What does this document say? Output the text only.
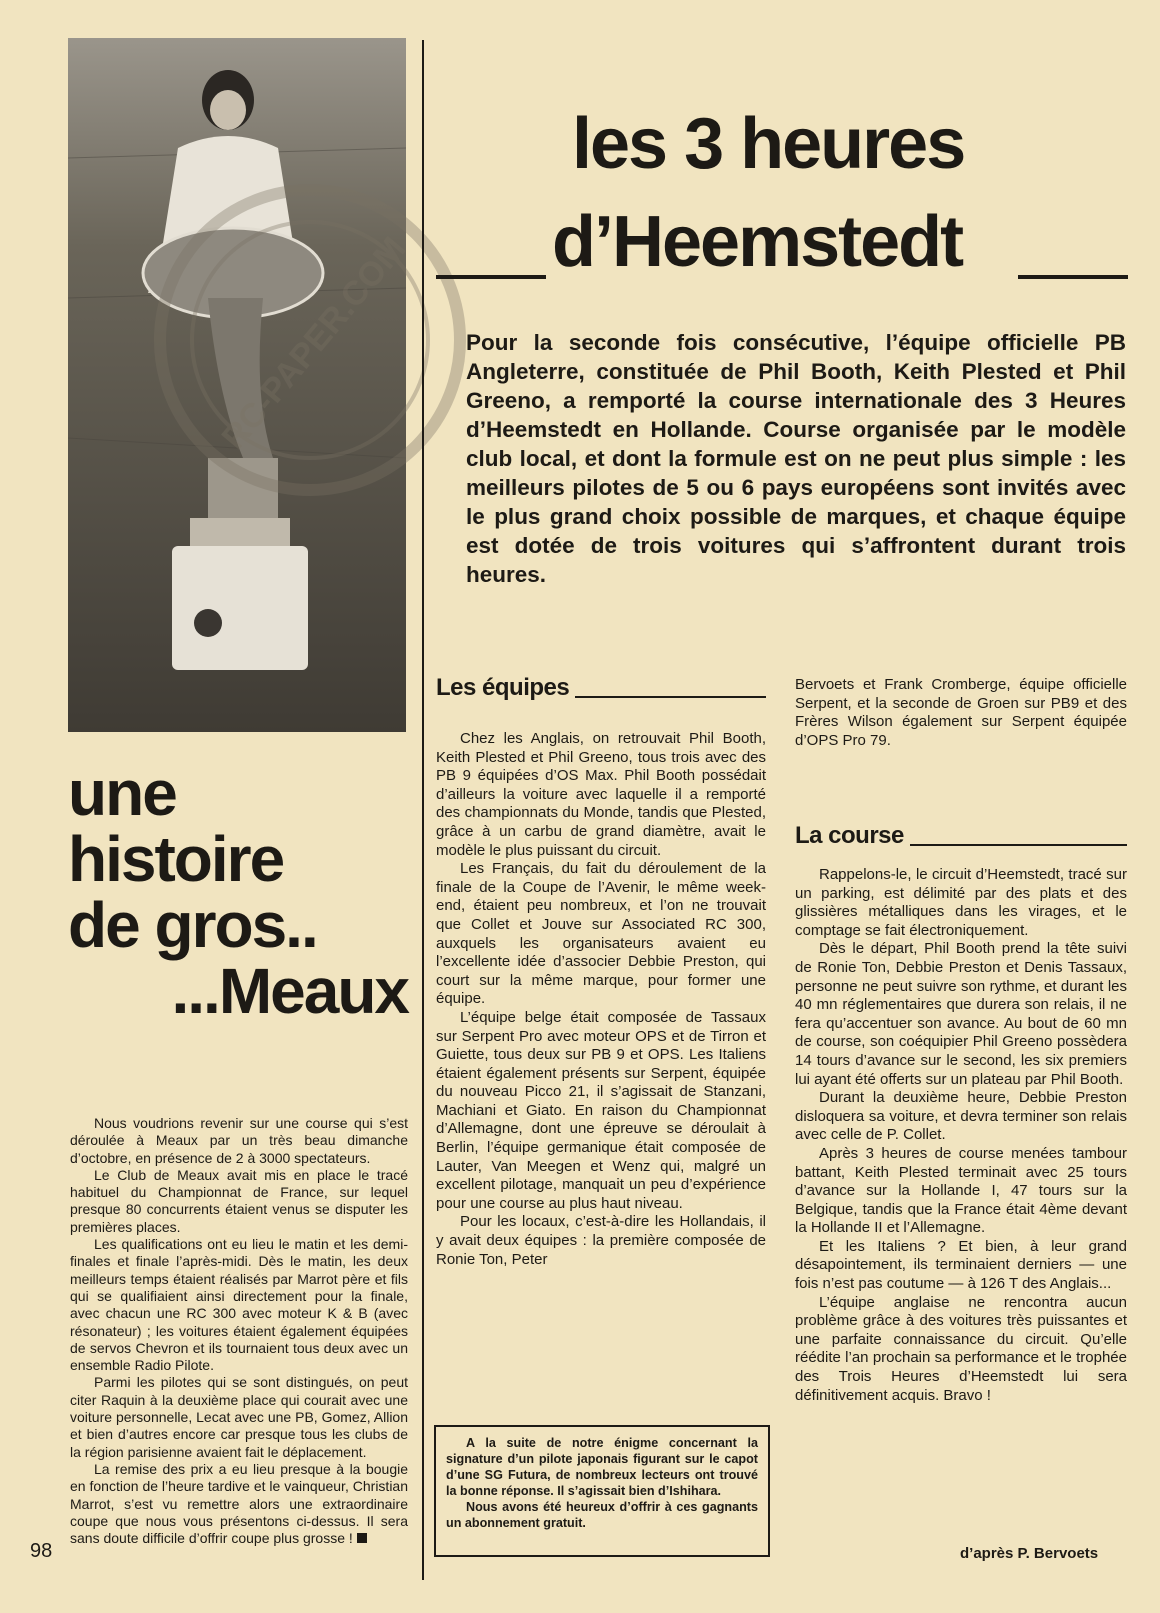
RC-PAPER.COM
les 3 heures
d’Heemstedt
Pour la seconde fois consécutive, l’équipe officielle PB Angleterre, constituée de Phil Booth, Keith Plested et Phil Greeno, a remporté la course internationale des 3 Heures d’Heemstedt en Hollande. Course organisée par le modèle club local, et dont la formule est on ne peut plus simple : les meilleurs pilotes de 5 ou 6 pays européens sont invités avec le plus grand choix possible de marques, et chaque équipe est dotée de trois voitures qui s’affrontent durant trois heures.
une
histoire
de gros..
...Meaux

Nous voudrions revenir sur une course qui s’est déroulée à Meaux par un très beau dimanche d’octobre, en présence de 2 à 3000 spectateurs.

Le Club de Meaux avait mis en place le tracé habituel du Championnat de France, sur lequel presque 80 concurrents étaient venus se disputer les premières places.

Les qualifications ont eu lieu le matin et les demi-finales et finale l’après-midi. Dès le matin, les deux meilleurs temps étaient réalisés par Marrot père et fils qui se qualifiaient ainsi directement pour la finale, avec chacun une RC 300 avec moteur K & B (avec résonateur) ; les voitures étaient également équipées de servos Chevron et ils tournaient tous deux avec un ensemble Radio Pilote.

Parmi les pilotes qui se sont distingués, on peut citer Raquin à la deuxième place qui courait avec une voiture personnelle, Lecat avec une PB, Gomez, Allion et bien d’autres encore car presque tous les clubs de la région parisienne avaient fait le déplacement.

La remise des prix a eu lieu presque à la bougie en fonction de l’heure tardive et le vainqueur, Christian Marrot, s’est vu remettre alors une extraordinaire coupe que nous vous présentons ci-dessus. Il sera sans doute difficile d’offrir coupe plus grosse !

Les équipes

Chez les Anglais, on retrouvait Phil Booth, Keith Plested et Phil Greeno, tous trois avec des PB 9 équipées d’OS Max. Phil Booth possédait d’ailleurs la voiture avec laquelle il a remporté des championnats du Monde, tandis que Plested, grâce à un carbu de grand diamètre, avait le modèle le plus puissant du circuit.

Les Français, du fait du déroulement de la finale de la Coupe de l’Avenir, le même week-end, étaient peu nombreux, et l’on ne trouvait que Collet et Jouve sur Associated RC 300, auxquels les organisateurs avaient eu l’excellente idée d’associer Debbie Preston, qui court sur la même marque, pour former une équipe.

L’équipe belge était composée de Tassaux sur Serpent Pro avec moteur OPS et de Tirron et Guiette, tous deux sur PB 9 et OPS. Les Italiens étaient également présents sur Serpent, équipée du nouveau Picco 21, il s’agissait de Stanzani, Machiani et Giato. En raison du Championnat d’Allemagne, dont une épreuve se déroulait à Berlin, l’équipe germanique était composée de Lauter, Van Meegen et Wenz qui, malgré un excellent pilotage, manquait un peu d’expérience pour une course au plus haut niveau.

Pour les locaux, c’est-à-dire les Hollandais, il y avait deux équipes : la première composée de Ronie Ton, Peter

A la suite de notre énigme concernant la signature d’un pilote japonais figurant sur le capot d’une SG Futura, de nombreux lecteurs ont trouvé la bonne réponse. Il s’agissait bien d’Ishihara.

Nous avons été heureux d’offrir à ces gagnants un abonnement gratuit.

Bervoets et Frank Cromberge, équipe officielle Serpent, et la seconde de Groen sur PB9 et des Frères Wilson également sur Serpent équipée d’OPS Pro 79.

La course

Rappelons-le, le circuit d’Heemstedt, tracé sur un parking, est délimité par des plats et des glissières métalliques dans les virages, et le comptage se fait électroniquement.

Dès le départ, Phil Booth prend la tête suivi de Ronie Ton, Debbie Preston et Denis Tassaux, personne ne peut suivre son rythme, et durant les 40 mn réglementaires que durera son relais, il ne fera qu’accentuer son avance. Au bout de 60 mn de course, son coéquipier Phil Greeno possèdera 14 tours d’avance sur le second, les six premiers lui ayant été offerts sur un plateau par Phil Booth.

Durant la deuxième heure, Debbie Preston disloquera sa voiture, et devra terminer son relais avec celle de P. Collet.

Après 3 heures de course menées tambour battant, Keith Plested terminait avec 25 tours d’avance sur la Hollande I, 47 tours sur la Belgique, tandis que la France était 4ème devant la Hollande II et l’Allemagne.

Et les Italiens ? Et bien, à leur grand désapointement, ils terminaient derniers — une fois n’est pas coutume — à 126 T des Anglais...

L’équipe anglaise ne rencontra aucun problème grâce à des voitures très puissantes et une parfaite connaissance du circuit. Qu’elle réédite l’an prochain sa performance et le trophée des Trois Heures d’Heemstedt lui sera définitivement acquis. Bravo !

d’après P. Bervoets
98
